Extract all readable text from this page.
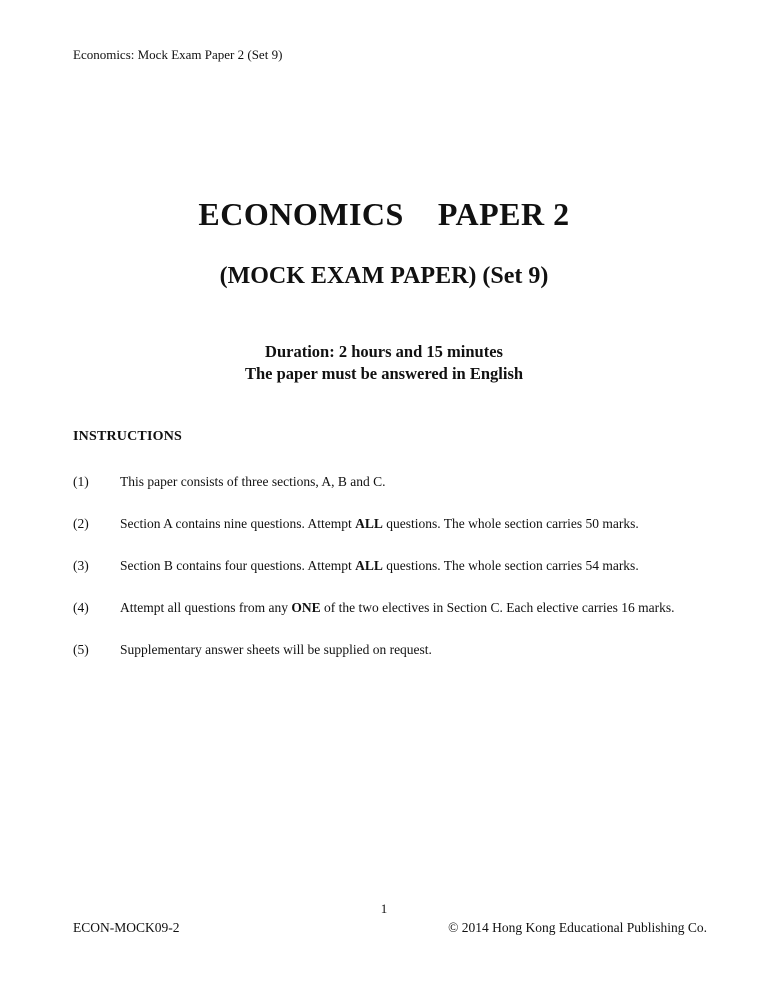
Economics: Mock Exam Paper 2 (Set 9)
ECONOMICS    PAPER 2
(MOCK EXAM PAPER) (Set 9)
Duration: 2 hours and 15 minutes
The paper must be answered in English
INSTRUCTIONS
(1)	This paper consists of three sections, A, B and C.
(2)	Section A contains nine questions. Attempt ALL questions. The whole section carries 50 marks.
(3)	Section B contains four questions. Attempt ALL questions. The whole section carries 54 marks.
(4)	Attempt all questions from any ONE of the two electives in Section C. Each elective carries 16 marks.
(5)	Supplementary answer sheets will be supplied on request.
1
ECON-MOCK09-2	© 2014 Hong Kong Educational Publishing Co.
